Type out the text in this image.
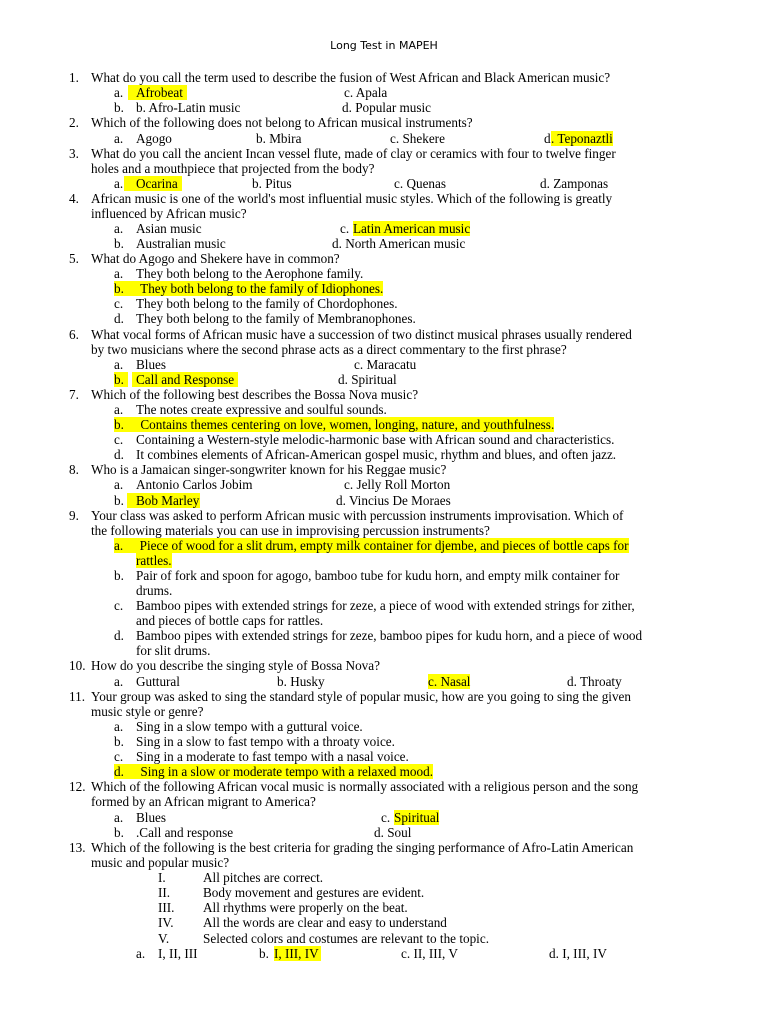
Long Test in MAPEH
1. What do you call the term used to describe the fusion of West African and Black American music?
a. Afrobeat	c. Apala
b. b. Afro-Latin music	d. Popular music
2. Which of the following does not belong to African musical instruments?
a. Agogo	b. Mbira	c. Shekere	d . Teponaztli
3. What do you call the ancient Incan vessel flute, made of clay or ceramics with four to twelve finger
holes and a mouthpiece that projected from the body?
a. Ocarina	b. Pitus	c. Quenas	d. Zamponas
4. African music is one of the world's most influential music styles. Which of the following is greatly
influenced by African music?
a. Asian music	c. Latin American music
b. Australian music	d. North American music
5. What do Agogo and Shekere have in common?
a. They both belong to the Aerophone family.
b.     They both belong to the family of Idiophones.
c. They both belong to the family of Chordophones.
d. They both belong to the family of Membranophones.
6. What vocal forms of African music have a succession of two distinct musical phrases usually rendered
by two musicians where the second phrase acts as a direct commentary to the first phrase?
a. Blues	c. Maracatu
b. Call and Response	d. Spiritual
7. Which of the following best describes the Bossa Nova music?
a. The notes create expressive and soulful sounds.
b.     Contains themes centering on love, women, longing, nature, and youthfulness.
c. Containing a Western-style melodic-harmonic base with African sound and characteristics.
d. It combines elements of African-American gospel music, rhythm and blues, and often jazz.
8. Who is a Jamaican singer-songwriter known for his Reggae music?
a. Antonio Carlos Jobim	c. Jelly Roll Morton
b. Bob Marley	d. Vincius De Moraes
9. Your class was asked to perform African music with percussion instruments improvisation. Which of
the following materials you can use in improvising percussion instruments?
a.     Piece of wood for a slit drum, empty milk container for djembe, and pieces of bottle caps for
rattles.
b. Pair of fork and spoon for agogo, bamboo tube for kudu horn, and empty milk container for
drums.
c. Bamboo pipes with extended strings for zeze, a piece of wood with extended strings for zither,
and pieces of bottle caps for rattles.
d. Bamboo pipes with extended strings for zeze, bamboo pipes for kudu horn, and a piece of wood
for slit drums.
10. How do you describe the singing style of Bossa Nova?
a. Guttural	b. Husky	c. Nasal	d. Throaty
11. Your group was asked to sing the standard style of popular music, how are you going to sing the given
music style or genre?
a. Sing in a slow tempo with a guttural voice.
b. Sing in a slow to fast tempo with a throaty voice.
c. Sing in a moderate to fast tempo with a nasal voice.
d.     Sing in a slow or moderate tempo with a relaxed mood.
12. Which of the following African vocal music is normally associated with a religious person and the song
formed by an African migrant to America?
a. Blues	c. Spiritual
b. .Call and response	d. Soul
13. Which of the following is the best criteria for grading the singing performance of Afro-Latin American
music and popular music?
I.	All pitches are correct.
II. Body movement and gestures are evident.
III. All rhythms were properly on the beat.
IV. All the words are clear and easy to understand
V.	Selected colors and costumes are relevant to the topic.
a. I, II, III	b. I, III, IV	c. II, III, V	d. I, III, IV
